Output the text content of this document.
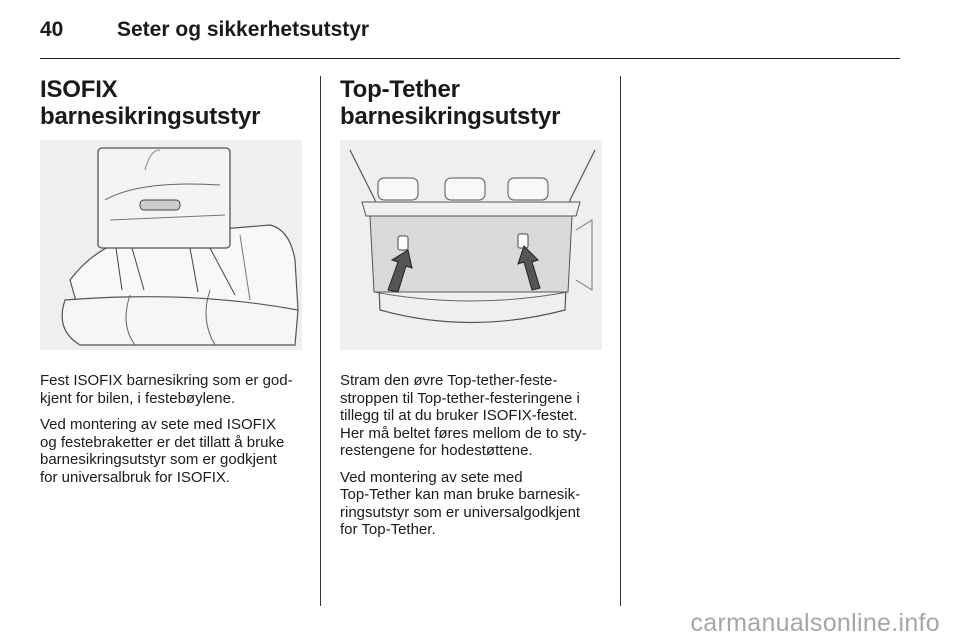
40	Seter og sikkerhetsutstyr
ISOFIX
barnesikringsutstyr

Fest ISOFIX barnesikring som er god-
kjent for bilen, i festebøylene.

Ved montering av sete med ISOFIX
og festebraketter er det tillatt å bruke
barnesikringsutstyr som er godkjent
for universalbruk for ISOFIX.

Top-Tether
barnesikringsutstyr

Stram den øvre Top-tether-feste-
stroppen til Top-tether-festeringene i
tillegg til at du bruker ISOFIX-festet.
Her må beltet føres mellom de to sty-
restengene for hodestøttene.

Ved montering av sete med
Top-Tether kan man bruke barnesik-
ringsutstyr som er universalgodkjent
for Top-Tether.

carmanualsonline.info
